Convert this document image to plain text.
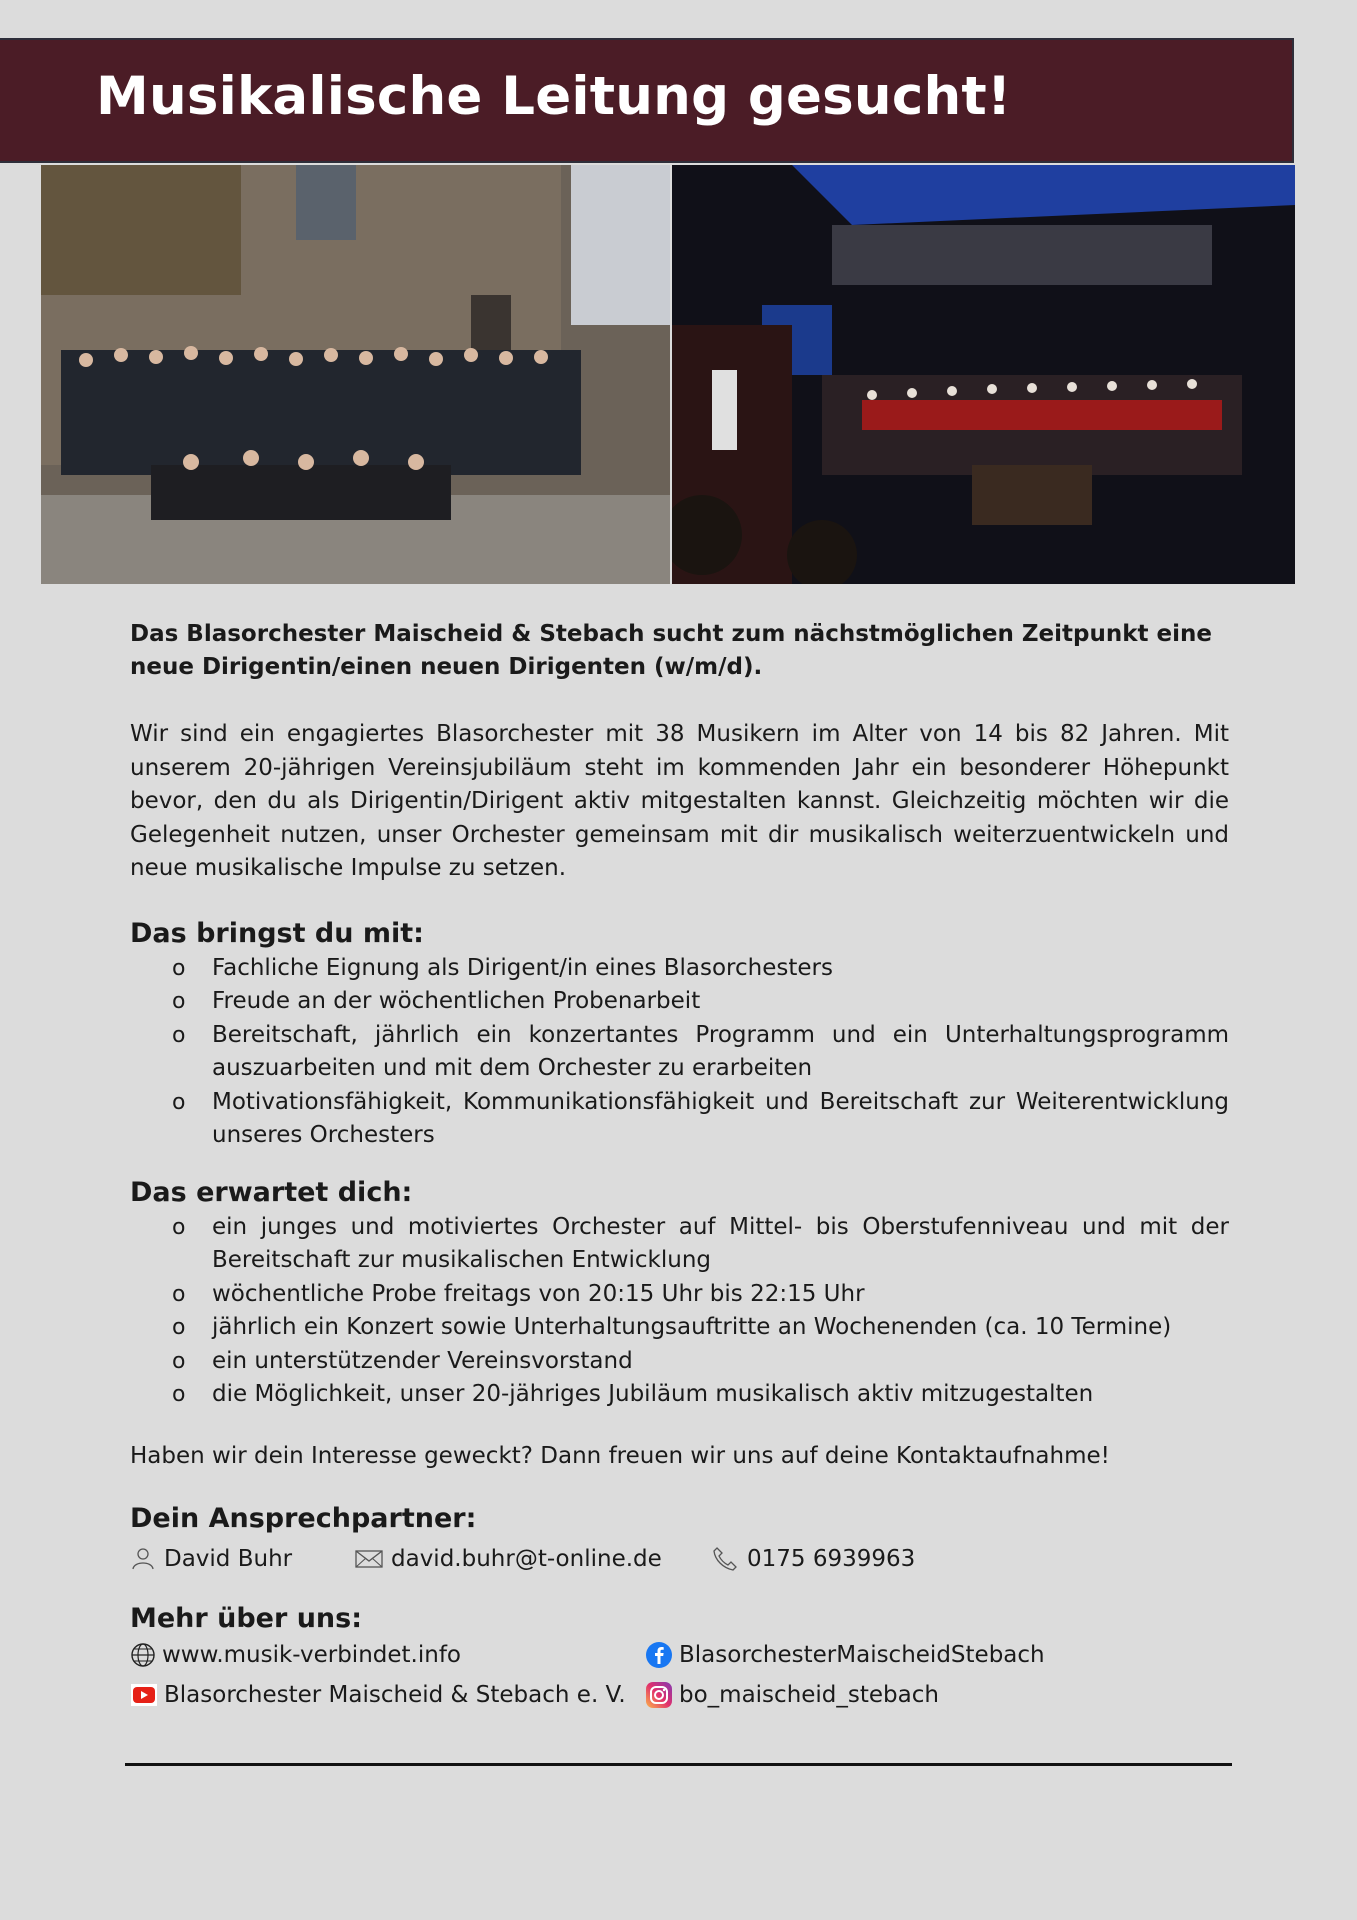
Musikalische Leitung gesucht!

Das Blasorchester Maischeid & Stebach sucht zum nächstmöglichen Zeitpunkt eine neue Dirigentin/einen neuen Dirigenten (w/m/d).

Wir sind ein engagiertes Blasorchester mit 38 Musikern im Alter von 14 bis 82 Jahren. Mit unserem 20-jährigen Vereinsjubiläum steht im kommenden Jahr ein besonderer Höhepunkt bevor, den du als Dirigentin/Dirigent aktiv mitgestalten kannst. Gleichzeitig möchten wir die Gelegenheit nutzen, unser Orchester gemeinsam mit dir musikalisch weiterzuentwickeln und neue musikalische Impulse zu setzen.

Das bringst du mit:

o Fachliche Eignung als Dirigent/in eines Blasorchesters
o Freude an der wöchentlichen Probenarbeit
o Bereitschaft, jährlich ein konzertantes Programm und ein Unterhaltungsprogramm auszuarbeiten und mit dem Orchester zu erarbeiten
o Motivationsfähigkeit, Kommunikationsfähigkeit und Bereitschaft zur Weiterentwicklung unseres Orchesters

Das erwartet dich:

o ein junges und motiviertes Orchester auf Mittel- bis Oberstufenniveau und mit der Bereitschaft zur musikalischen Entwicklung
o wöchentliche Probe freitags von 20:15 Uhr bis 22:15 Uhr
o jährlich ein Konzert sowie Unterhaltungsauftritte an Wochenenden (ca. 10 Termine)
o ein unterstützender Vereinsvorstand
o die Möglichkeit, unser 20-jähriges Jubiläum musikalisch aktiv mitzugestalten

Haben wir dein Interesse geweckt? Dann freuen wir uns auf deine Kontaktaufnahme!

Dein Ansprechpartner:

David Buhr	david.buhr@t-online.de	0175 6939963

Mehr über uns:

www.musik-verbindet.info	BlasorchesterMaischeidStebach
Blasorchester Maischeid & Stebach e. V. bo_maischeid_stebach
